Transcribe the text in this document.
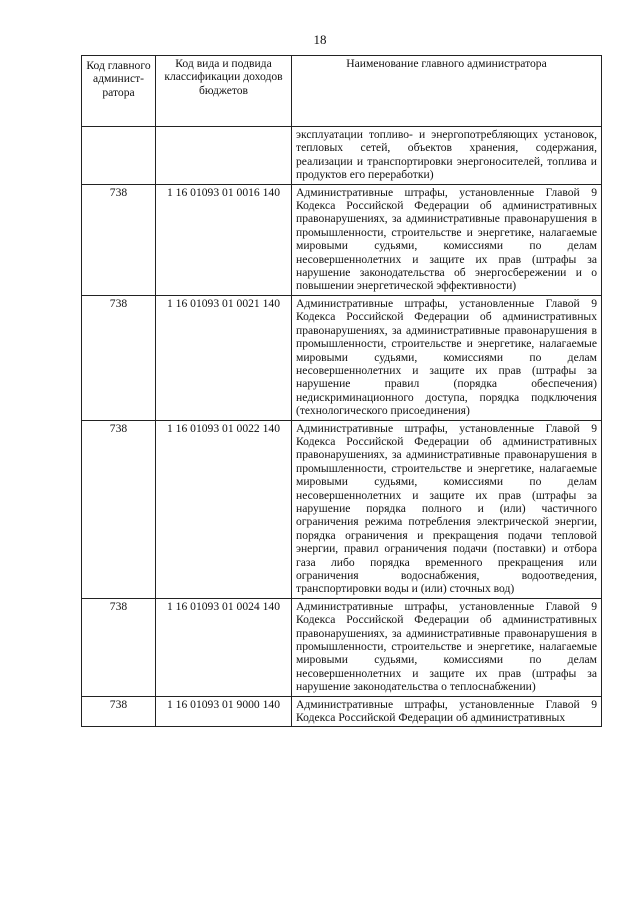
18
Код главного админист-ратора	Код вида и подвида классификации доходов бюджетов	Наименование главного администратора
		эксплуатации топливо- и энергопотребляющих установок, тепловых сетей, объектов хранения, содержания, реализации и транспортировки энергоносителей, топлива и продуктов его переработки)
738	1 16 01093 01 0016 140	Административные штрафы, установленные Главой 9 Кодекса Российской Федерации об административных правонарушениях, за административные правонарушения в промышленности, строительстве и энергетике, налагаемые мировыми судьями, комиссиями по делам несовершеннолетних и защите их прав (штрафы за нарушение законодательства об энергосбережении и о повышении энергетической эффективности)
738	1 16 01093 01 0021 140	Административные штрафы, установленные Главой 9 Кодекса Российской Федерации об административных правонарушениях, за административные правонарушения в промышленности, строительстве и энергетике, налагаемые мировыми судьями, комиссиями по делам несовершеннолетних и защите их прав (штрафы за нарушение правил (порядка обеспечения) недискриминационного доступа, порядка подключения (технологического присоединения)
738	1 16 01093 01 0022 140	Административные штрафы, установленные Главой 9 Кодекса Российской Федерации об административных правонарушениях, за административные правонарушения в промышленности, строительстве и энергетике, налагаемые мировыми судьями, комиссиями по делам несовершеннолетних и защите их прав (штрафы за нарушение порядка полного и (или) частичного ограничения режима потребления электрической энергии, порядка ограничения и прекращения подачи тепловой энергии, правил ограничения подачи (поставки) и отбора газа либо порядка временного прекращения или ограничения водоснабжения, водоотведения, транспортировки воды и (или) сточных вод)
738	1 16 01093 01 0024 140	Административные штрафы, установленные Главой 9 Кодекса Российской Федерации об административных правонарушениях, за административные правонарушения в промышленности, строительстве и энергетике, налагаемые мировыми судьями, комиссиями по делам несовершеннолетних и защите их прав (штрафы за нарушение законодательства о теплоснабжении)
738	1 16 01093 01 9000 140	Административные штрафы, установленные Главой 9 Кодекса Российской Федерации об административных
